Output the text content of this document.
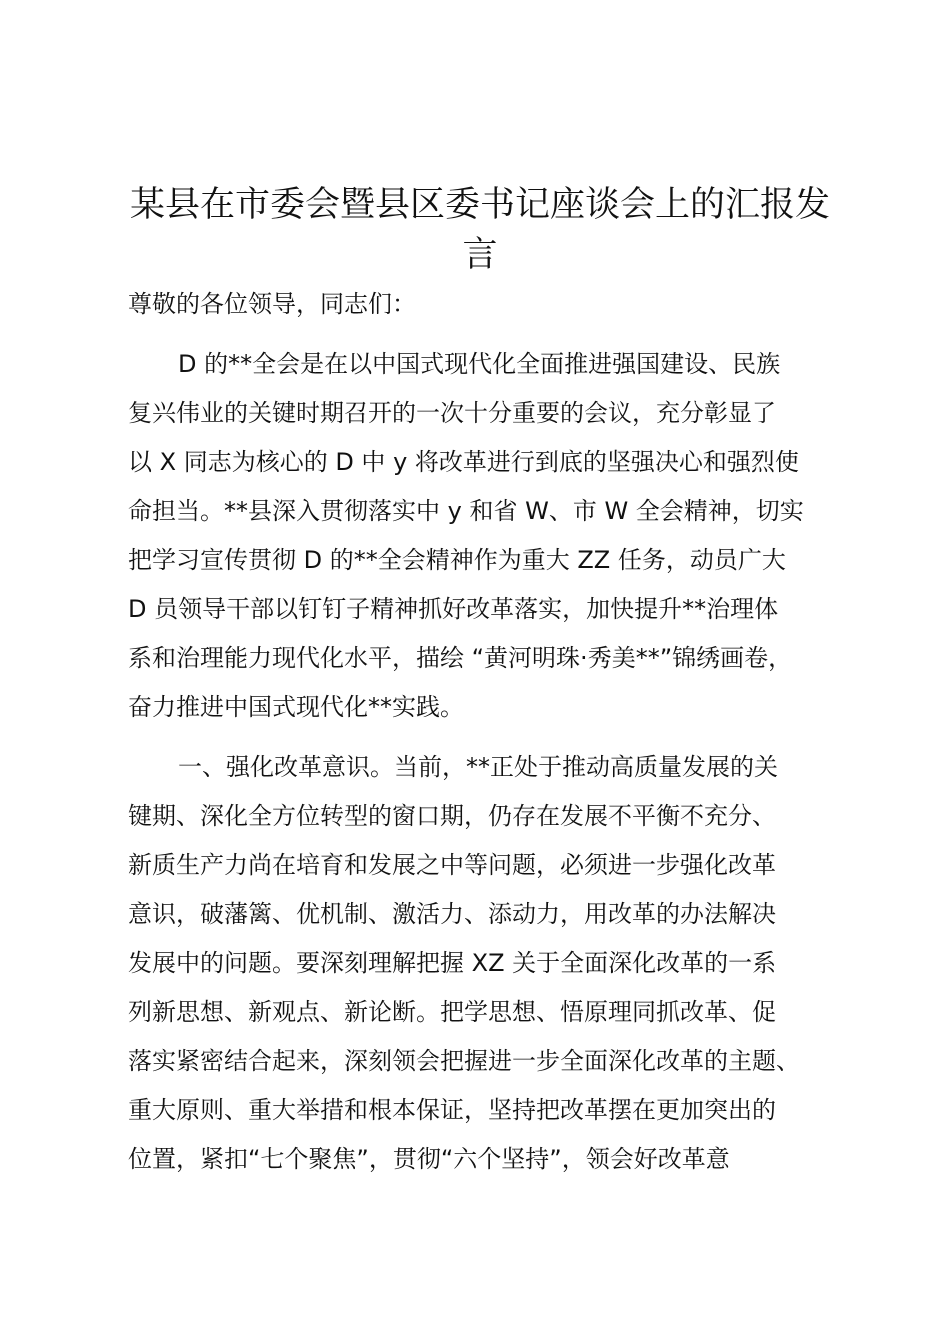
某县在市委会暨县区委书记座谈会上的汇报发
言
尊敬的各位领导，同志们：
D 的**全会是在以中国式现代化全面推进强国建设、民族
复兴伟业的关键时期召开的一次十分重要的会议，充分彰显了
以 X 同志为核心的 D 中 y 将改革进行到底的坚强决心和强烈使
命担当。**县深入贯彻落实中 y 和省 W、市 W 全会精神，切实
把学习宣传贯彻 D 的**全会精神作为重大 ZZ 任务，动员广大
D 员领导干部以钉钉子精神抓好改革落实，加快提升**治理体
系和治理能力现代化水平，描绘 “黄河明珠·秀美**”锦绣画卷，
奋力推进中国式现代化**实践。
一、强化改革意识。当前，**正处于推动高质量发展的关
键期、深化全方位转型的窗口期，仍存在发展不平衡不充分、
新质生产力尚在培育和发展之中等问题，必须进一步强化改革
意识，破藩篱、优机制、激活力、添动力，用改革的办法解决
发展中的问题。要深刻理解把握 XZ 关于全面深化改革的一系
列新思想、新观点、新论断。把学思想、悟原理同抓改革、促
落实紧密结合起来，深刻领会把握进一步全面深化改革的主题、
重大原则、重大举措和根本保证，坚持把改革摆在更加突出的
位置，紧扣“七个聚焦”，贯彻“六个坚持”，领会好改革意
